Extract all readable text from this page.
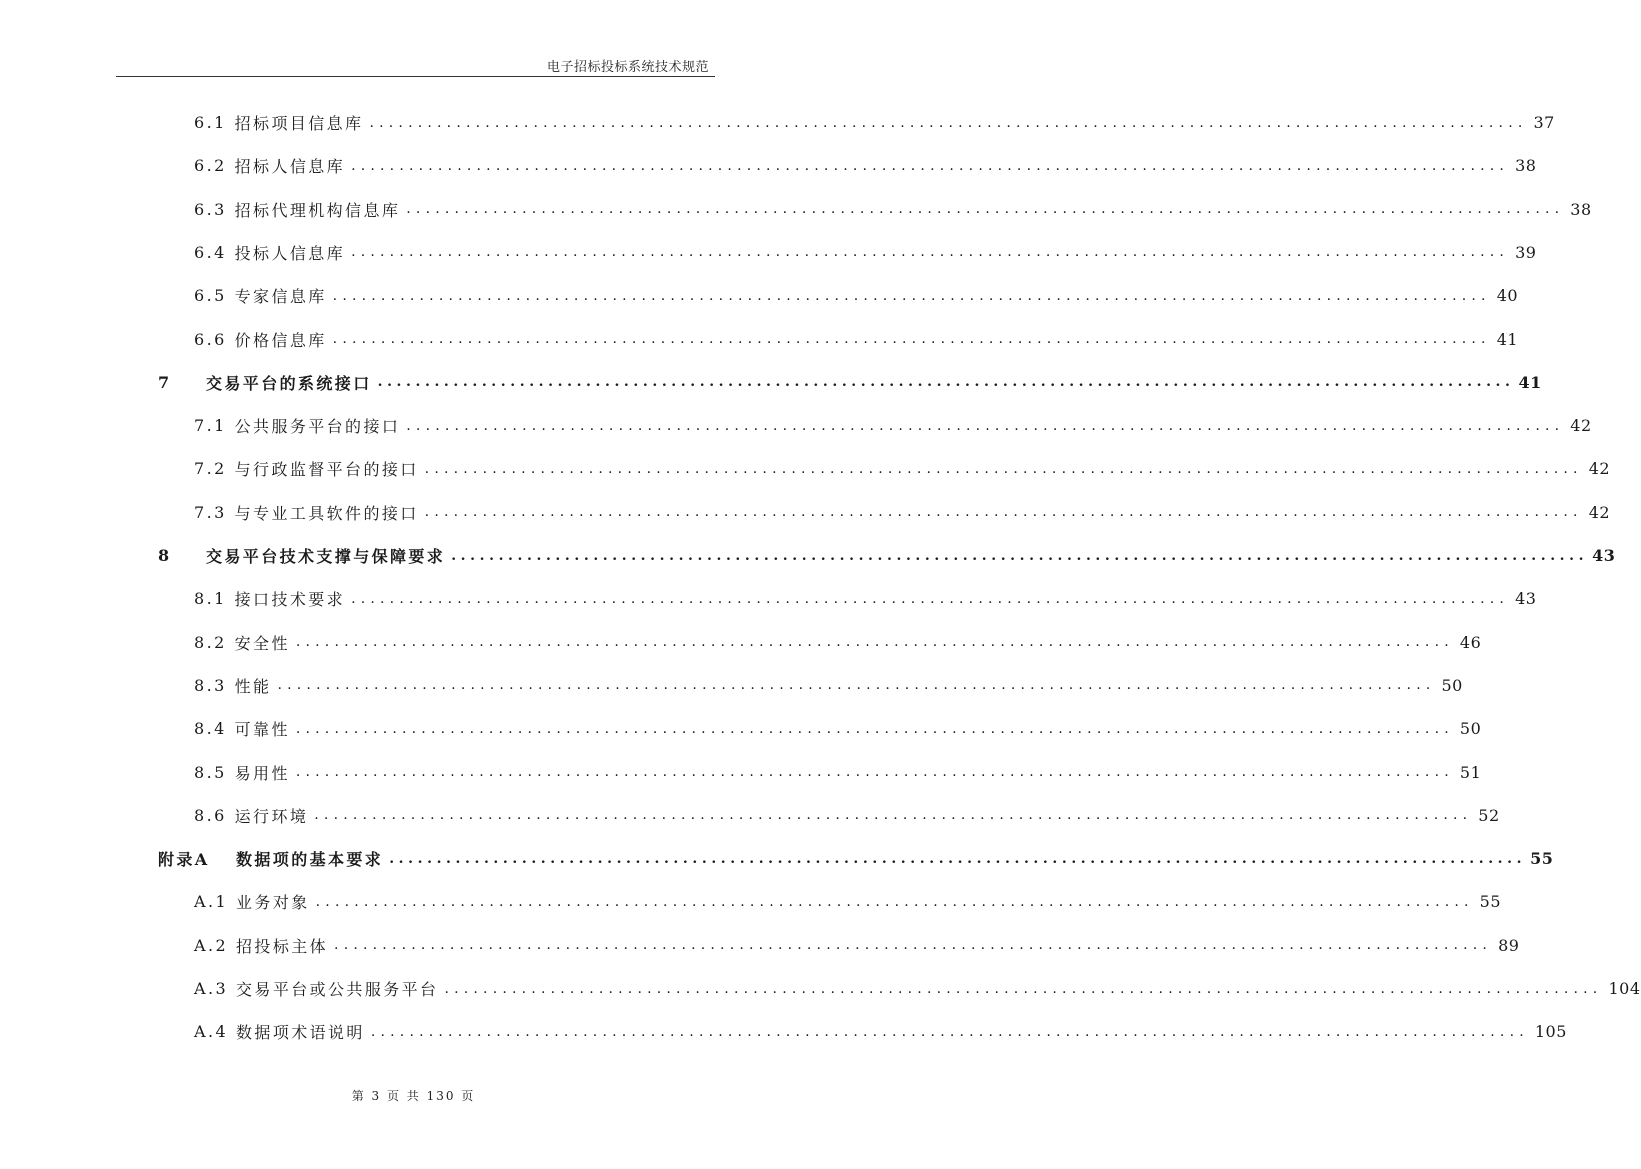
电子招标投标系统技术规范
6.1 招标项目信息库 ........................................................................................................................ 37
6.2 招标人信息库 ........................................................................................................................ 38
6.3 招标代理机构信息库 ........................................................................................................................ 38
6.4 投标人信息库 ........................................................................................................................ 39
6.5 专家信息库 ........................................................................................................................ 40
6.6 价格信息库 ........................................................................................................................ 41
7	交易平台的系统接口 ........................................................................................................................ 41
7.1 公共服务平台的接口 ........................................................................................................................ 42
7.2 与行政监督平台的接口 ........................................................................................................................ 42
7.3 与专业工具软件的接口 ........................................................................................................................ 42
8	交易平台技术支撑与保障要求 ........................................................................................................................ 43
8.1 接口技术要求 ........................................................................................................................ 43
8.2 安全性 ........................................................................................................................ 46
8.3 性能 ........................................................................................................................ 50
8.4 可靠性 ........................................................................................................................ 50
8.5 易用性 ........................................................................................................................ 51
8.6 运行环境 ........................................................................................................................ 52
附录A	数据项的基本要求 ........................................................................................................................ 55
A.1 业务对象 ........................................................................................................................ 55
A.2 招投标主体 ........................................................................................................................ 89
A.3 交易平台或公共服务平台 ........................................................................................................................ 104
A.4 数据项术语说明 ........................................................................................................................ 105
第 3 页 共 130 页
